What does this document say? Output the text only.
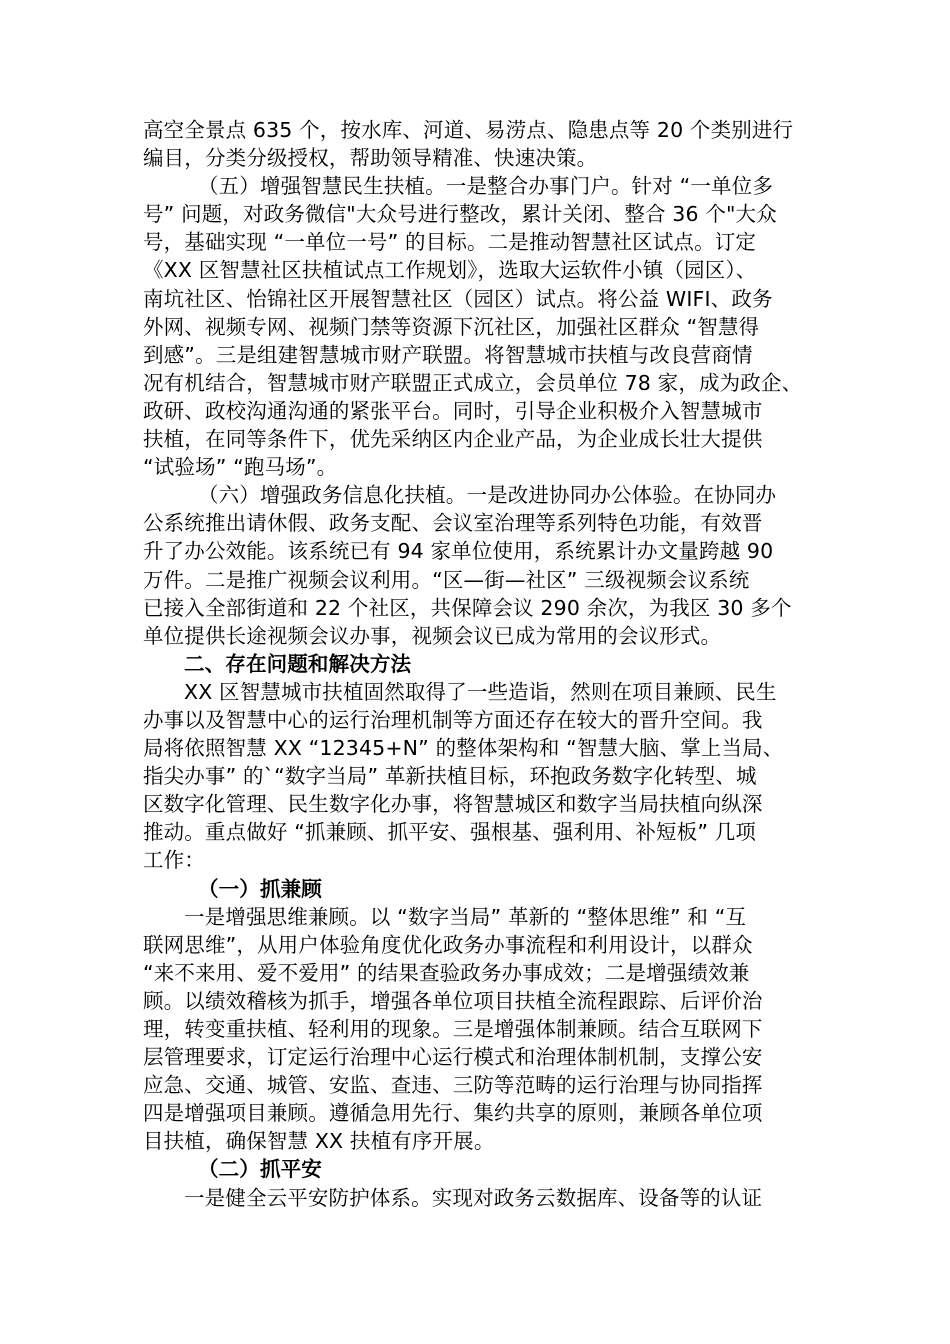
高空全景点 635 个，按水库、河道、易涝点、隐患点等 20 个类别进行
编目，分类分级授权，帮助领导精准、快速决策。
（五）增强智慧民生扶植。一是整合办事门户。针对 “一单位多
号” 问题，对政务微信"大众号进行整改，累计关闭、整合 36 个"大众
号，基础实现 “一单位一号” 的目标。二是推动智慧社区试点。订定
《XX 区智慧社区扶植试点工作规划》，选取大运软件小镇（园区）、
南坑社区、怡锦社区开展智慧社区（园区）试点。将公益 WIFI、政务
外网、视频专网、视频门禁等资源下沉社区，加强社区群众 “智慧得
到感”。三是组建智慧城市财产联盟。将智慧城市扶植与改良营商情
况有机结合，智慧城市财产联盟正式成立，会员单位 78 家，成为政企、
政研、政校沟通沟通的紧张平台。同时，引导企业积极介入智慧城市
扶植，在同等条件下，优先采纳区内企业产品，为企业成长壮大提供
“试验场” “跑马场”。
（六）增强政务信息化扶植。一是改进协同办公体验。在协同办
公系统推出请休假、政务支配、会议室治理等系列特色功能，有效晋
升了办公效能。该系统已有 94 家单位使用，系统累计办文量跨越 90
万件。二是推广视频会议利用。“区—街—社区” 三级视频会议系统
已接入全部街道和 22 个社区，共保障会议 290 余次，为我区 30 多个
单位提供长途视频会议办事，视频会议已成为常用的会议形式。
二、存在问题和解决方法
XX 区智慧城市扶植固然取得了一些造诣，然则在项目兼顾、民生
办事以及智慧中心的运行治理机制等方面还存在较大的晋升空间。我
局将依照智慧 XX “12345+N” 的整体架构和 “智慧大脑、掌上当局、
指尖办事” 的`“数字当局” 革新扶植目标，环抱政务数字化转型、城
区数字化管理、民生数字化办事，将智慧城区和数字当局扶植向纵深
推动。重点做好 “抓兼顾、抓平安、强根基、强利用、补短板” 几项
工作：
（一）抓兼顾
一是增强思维兼顾。以 “数字当局” 革新的 “整体思维” 和 “互
联网思维”，从用户体验角度优化政务办事流程和利用设计，以群众
“来不来用、爱不爱用” 的结果查验政务办事成效；二是增强绩效兼
顾。以绩效稽核为抓手，增强各单位项目扶植全流程跟踪、后评价治
理，转变重扶植、轻利用的现象。三是增强体制兼顾。结合互联网下
层管理要求，订定运行治理中心运行模式和治理体制机制，支撑公安
应急、交通、城管、安监、查违、三防等范畴的运行治理与协同指挥
四是增强项目兼顾。遵循急用先行、集约共享的原则，兼顾各单位项
目扶植，确保智慧 XX 扶植有序开展。
（二）抓平安
一是健全云平安防护体系。实现对政务云数据库、设备等的认证
